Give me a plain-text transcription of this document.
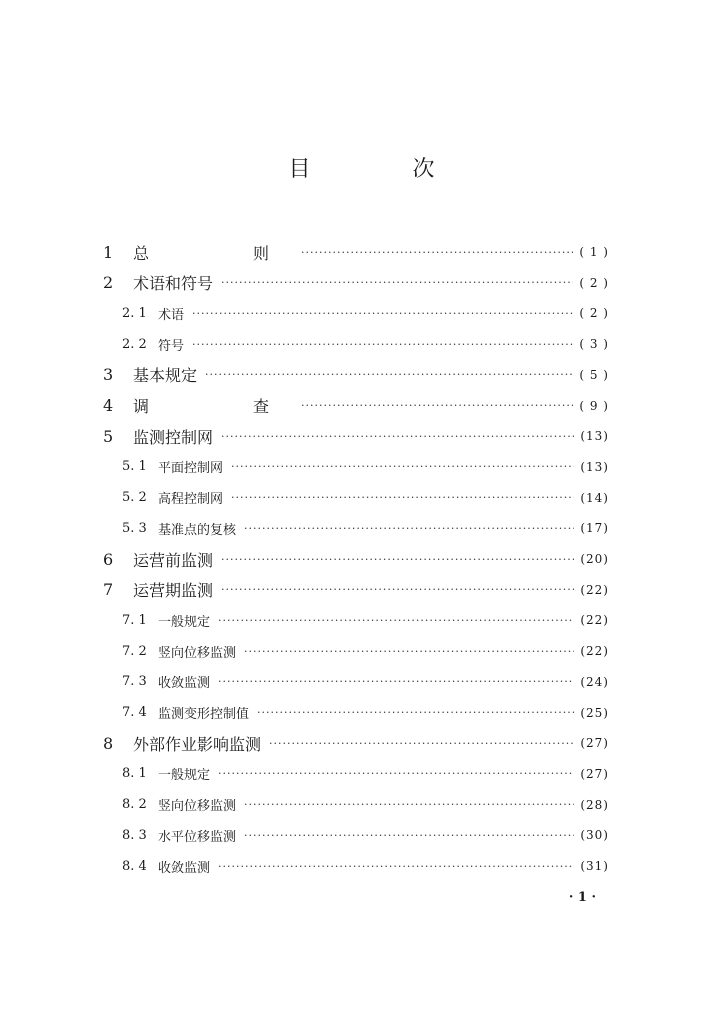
目　次
1	总　　则 ·····	( 1 )
2	术语和符号 ·····	( 2 )
2. 1 术语 ·····	( 2 )
2. 2 符号 ·····	( 3 )
3	基本规定 ·····	( 5 )
4	调　　查 ·····	( 9 )
5	监测控制网 ·····	(13)
5. 1 平面控制网 ·····	(13)
5. 2 高程控制网 ·····	(14)
5. 3 基准点的复核 ·····	(17)
6	运营前监测 ·····	(20)
7	运营期监测 ·····	(22)
7. 1 一般规定 ·····	(22)
7. 2 竖向位移监测 ·····	(22)
7. 3 收敛监测 ·····	(24)
7. 4 监测变形控制值 ·····	(25)
8	外部作业影响监测 ·····	(27)
8. 1 一般规定 ·····	(27)
8. 2 竖向位移监测 ·····	(28)
8. 3 水平位移监测 ·····	(30)
8. 4 收敛监测 ·····	(31)
· 1 ·
